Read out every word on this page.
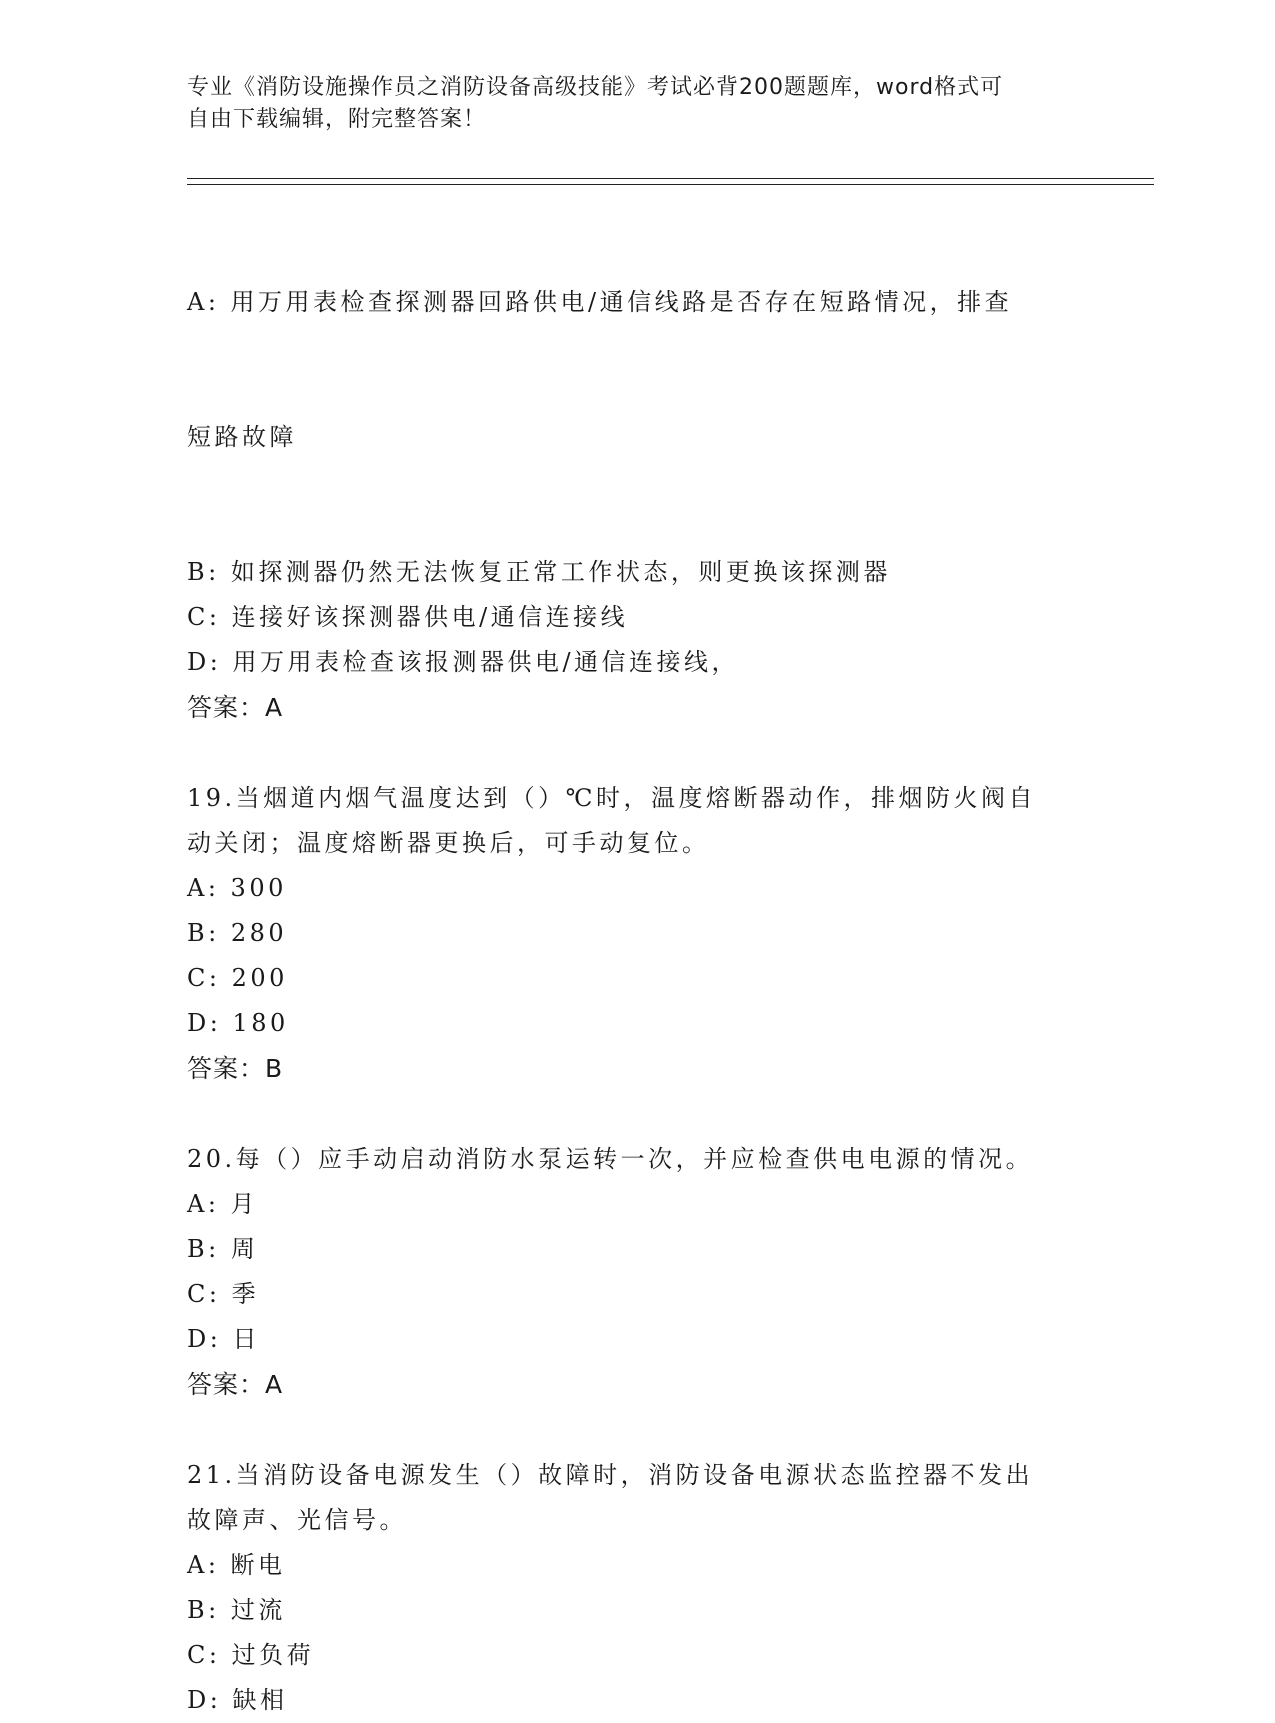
专业《消防设施操作员之消防设备高级技能》考试必背200题题库，word格式可
自由下载编辑，附完整答案！

A: 用万用表检查探测器回路供电/通信线路是否存在短路情况，排查

短路故障

B: 如探测器仍然无法恢复正常工作状态，则更换该探测器
C: 连接好该探测器供电/通信连接线
D: 用万用表检查该报测器供电/通信连接线，
答案：A
19.当烟道内烟气温度达到（）℃时，温度熔断器动作，排烟防火阀自
动关闭；温度熔断器更换后，可手动复位。
A: 300
B: 280
C: 200
D: 180
答案：B
20.每（）应手动启动消防水泵运转一次，并应检查供电电源的情况。
A: 月
B: 周
C: 季
D: 日
答案：A
21.当消防设备电源发生（）故障时，消防设备电源状态监控器不发出
故障声、光信号。
A: 断电
B: 过流
C: 过负荷
D: 缺相
